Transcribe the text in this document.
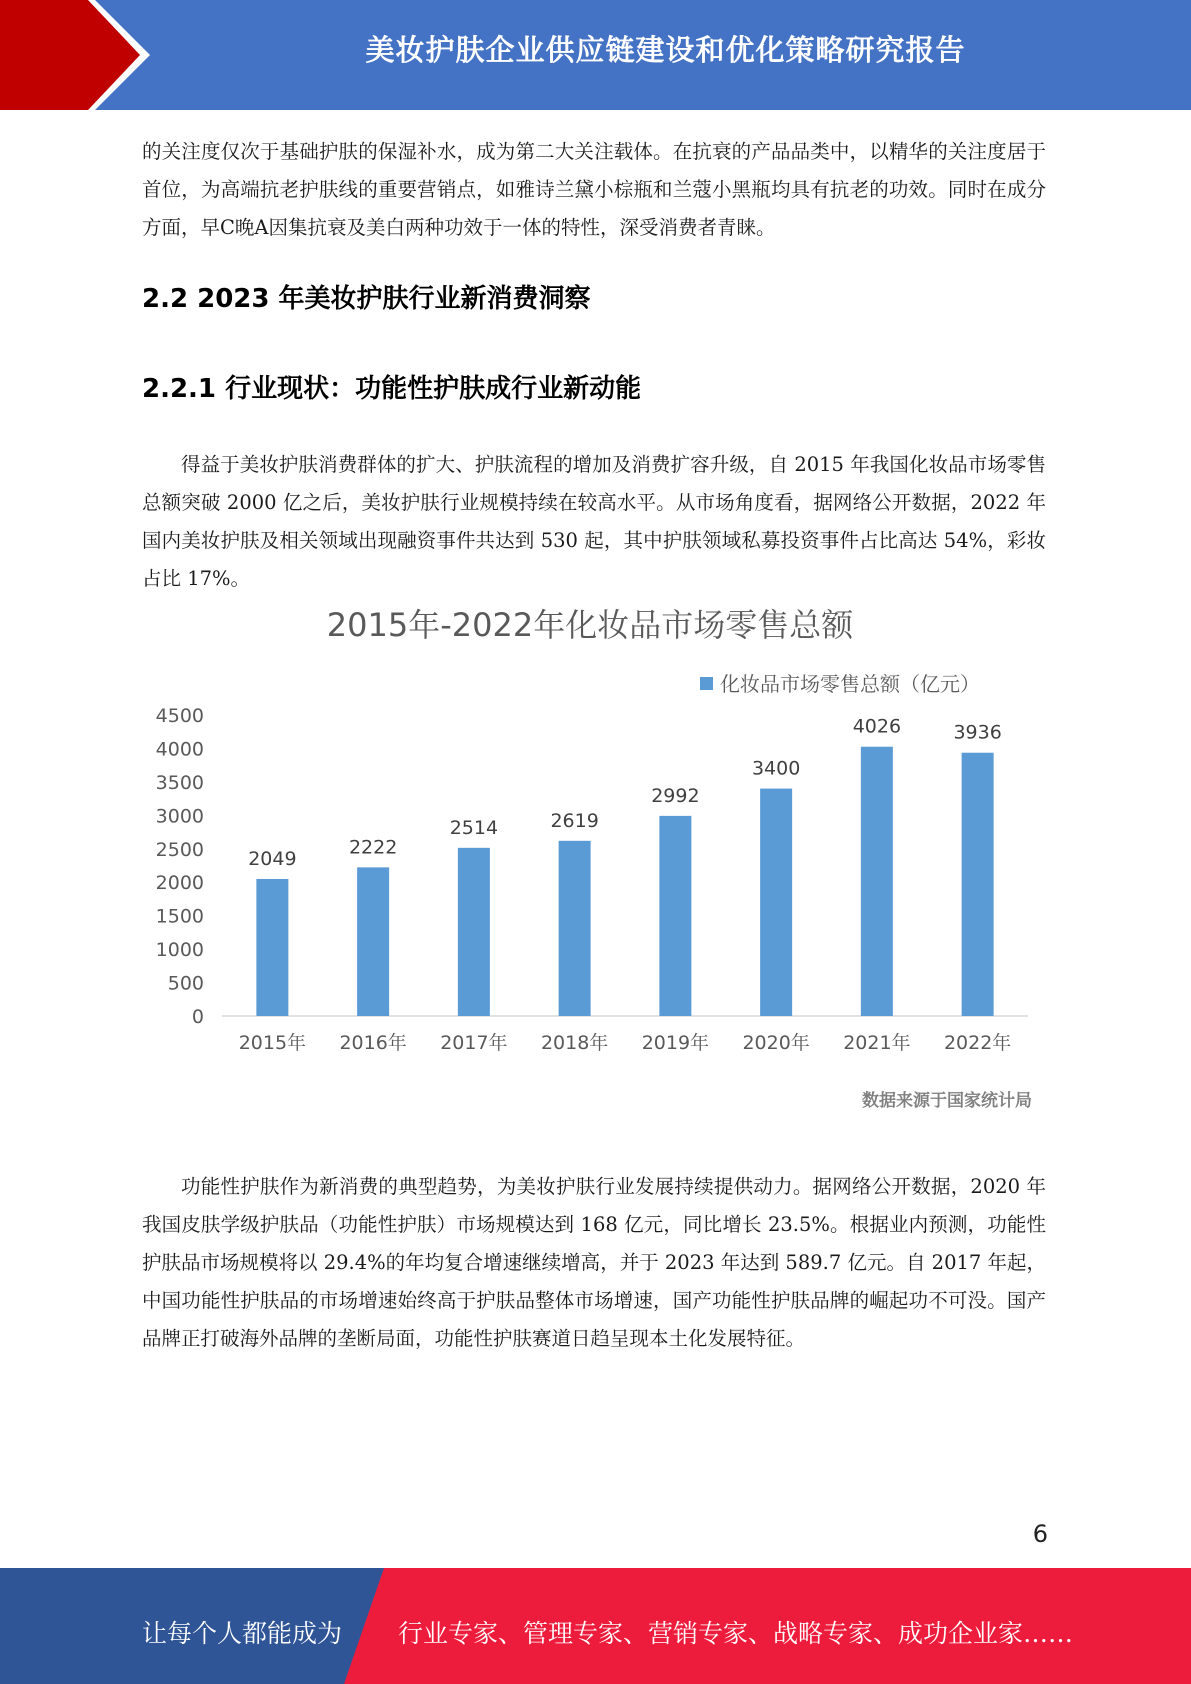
美妆护肤企业供应链建设和优化策略研究报告

的关注度仅次于基础护肤的保湿补水，成为第二大关注载体。在抗衰的产品品类中，以精华的关注度居于首位，为高端抗老护肤线的重要营销点，如雅诗兰黛小棕瓶和兰蔻小黑瓶均具有抗老的功效。同时在成分方面，早C晚A因集抗衰及美白两种功效于一体的特性，深受消费者青睐。

2.2 2023 年美妆护肤行业新消费洞察
2.2.1 行业现状：功能性护肤成行业新动能

得益于美妆护肤消费群体的扩大、护肤流程的增加及消费扩容升级，自 2015 年我国化妆品市场零售总额突破 2000 亿之后，美妆护肤行业规模持续在较高水平。从市场角度看，据网络公开数据，2022 年国内美妆护肤及相关领域出现融资事件共达到 530 起，其中护肤领域私募投资事件占比高达 54%，彩妆占比 17%。

2015年-2022年化妆品市场零售总额
化妆品市场零售总额（亿元）
0
500
1000
1500
2000
2500
3000
3500
4000
4500
2049
2222
2514	2619
2992
3400
4026	3936
2015年 2016年 2017年 2018年 2019年 2020年 2021年 2022年
数据来源于国家统计局

功能性护肤作为新消费的典型趋势，为美妆护肤行业发展持续提供动力。据网络公开数据，2020 年我国皮肤学级护肤品（功能性护肤）市场规模达到 168 亿元，同比增长 23.5%。根据业内预测，功能性护肤品市场规模将以 29.4%的年均复合增速继续增高，并于 2023 年达到 589.7 亿元。自 2017 年起，中国功能性护肤品的市场增速始终高于护肤品整体市场增速，国产功能性护肤品牌的崛起功不可没。国产品牌正打破海外品牌的垄断局面，功能性护肤赛道日趋呈现本土化发展特征。

6
让每个人都能成为 行业专家、管理专家、营销专家、战略专家、成功企业家……
